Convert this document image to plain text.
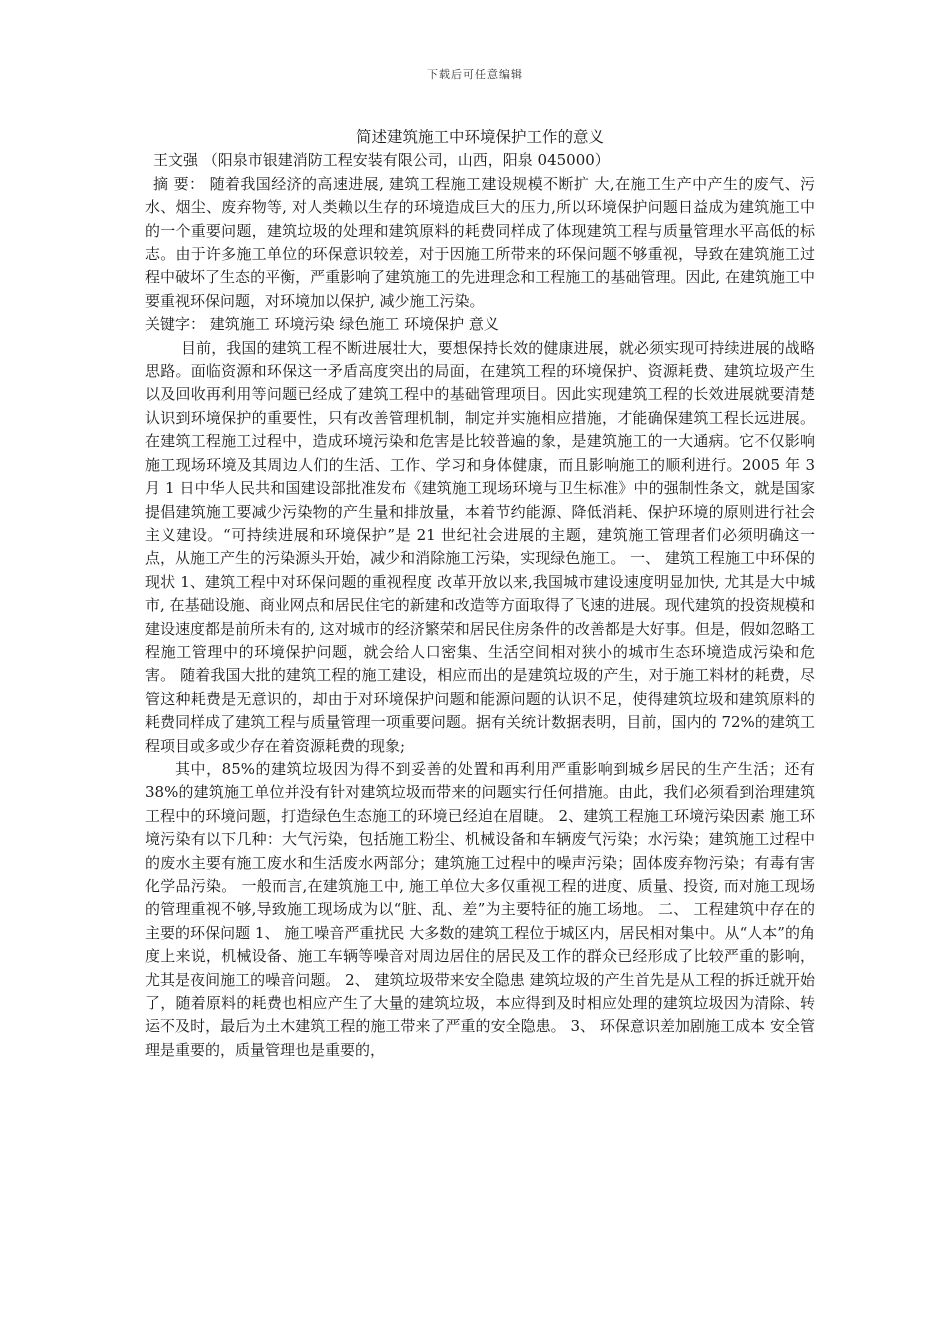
下载后可任意编辑

简述建筑施工中环境保护工作的意义

王文强 （阳泉市银建消防工程安装有限公司，山西，阳泉 045000）

摘 要： 随着我国经济的高速进展, 建筑工程施工建设规模不断扩 大,在施工生产中产生的废气、污水、烟尘、废弃物等, 对人类赖以生存的环境造成巨大的压力,所以环境保护问题日益成为建筑施工中的一个重要问题，建筑垃圾的处理和建筑原料的耗费同样成了体现建筑工程与质量管理水平高低的标志。由于许多施工单位的环保意识较差，对于因施工所带来的环保问题不够重视，导致在建筑施工过程中破坏了生态的平衡，严重影响了建筑施工的先进理念和工程施工的基础管理。因此, 在建筑施工中要重视环保问题，对环境加以保护, 减少施工污染。

关键字： 建筑施工 环境污染 绿色施工 环境保护 意义

目前，我国的建筑工程不断进展壮大，要想保持长效的健康进展，就必须实现可持续进展的战略思路。面临资源和环保这一矛盾高度突出的局面，在建筑工程的环境保护、资源耗费、建筑垃圾产生以及回收再利用等问题已经成了建筑工程中的基础管理项目。因此实现建筑工程的长效进展就要清楚认识到环境保护的重要性，只有改善管理机制，制定并实施相应措施，才能确保建筑工程长远进展。 在建筑工程施工过程中，造成环境污染和危害是比较普遍的象，是建筑施工的一大通病。它不仅影响施工现场环境及其周边人们的生活、工作、学习和身体健康，而且影响施工的顺利进行。2005 年 3 月 1 日中华人民共和国建设部批准发布《建筑施工现场环境与卫生标准》中的强制性条文，就是国家提倡建筑施工要减少污染物的产生量和排放量，本着节约能源、降低消耗、保护环境的原则进行社会主义建设。“可持续进展和环境保护”是 21 世纪社会进展的主题，建筑施工管理者们必须明确这一点，从施工产生的污染源头开始，减少和消除施工污染，实现绿色施工。 一、 建筑工程施工中环保的现状 1、建筑工程中对环保问题的重视程度 改革开放以来,我国城市建设速度明显加快, 尤其是大中城市, 在基础设施、商业网点和居民住宅的新建和改造等方面取得了飞速的进展。现代建筑的投资规模和建设速度都是前所未有的, 这对城市的经济繁荣和居民住房条件的改善都是大好事。但是，假如忽略工程施工管理中的环境保护问题，就会给人口密集、生活空间相对狭小的城市生态环境造成污染和危害。 随着我国大批的建筑工程的施工建设，相应而出的是建筑垃圾的产生，对于施工料材的耗费，尽管这种耗费是无意识的，却由于对环境保护问题和能源问题的认识不足，使得建筑垃圾和建筑原料的耗费同样成了建筑工程与质量管理一项重要问题。据有关统计数据表明，目前，国内的 72%的建筑工程项目或多或少存在着资源耗费的现象;

其中，85%的建筑垃圾因为得不到妥善的处置和再利用严重影响到城乡居民的生产生活；还有 38%的建筑施工单位并没有针对建筑垃圾而带来的问题实行任何措施。由此，我们必须看到治理建筑工程中的环境问题，打造绿色生态施工的环境已经迫在眉睫。 2、建筑工程施工环境污染因素 施工环境污染有以下几种：大气污染，包括施工粉尘、机械设备和车辆废气污染；水污染；建筑施工过程中的废水主要有施工废水和生活废水两部分；建筑施工过程中的噪声污染；固体废弃物污染；有毒有害化学品污染。 一般而言,在建筑施工中, 施工单位大多仅重视工程的进度、质量、投资, 而对施工现场的管理重视不够,导致施工现场成为以“脏、乱、差”为主要特征的施工场地。 二、 工程建筑中存在的主要的环保问题 1、 施工噪音严重扰民 大多数的建筑工程位于城区内，居民相对集中。从“人本”的角度上来说，机械设备、施工车辆等噪音对周边居住的居民及工作的群众已经形成了比较严重的影响，尤其是夜间施工的噪音问题。 2、 建筑垃圾带来安全隐患 建筑垃圾的产生首先是从工程的拆迁就开始了，随着原料的耗费也相应产生了大量的建筑垃圾，本应得到及时相应处理的建筑垃圾因为清除、转运不及时，最后为土木建筑工程的施工带来了严重的安全隐患。 3、 环保意识差加剧施工成本 安全管理是重要的，质量管理也是重要的，
